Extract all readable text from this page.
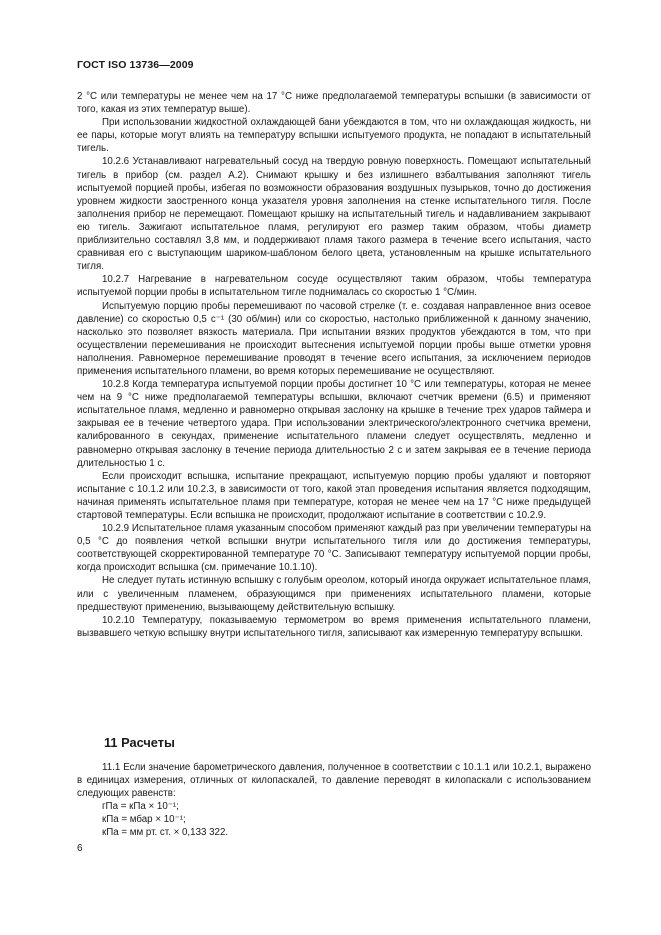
ГОСТ ISO 13736—2009

2 °С или температуры не менее чем на 17 °С ниже предполагаемой температуры вспышки (в зависимости от того, какая из этих температур выше).

При использовании жидкостной охлаждающей бани убеждаются в том, что ни охлаждающая жидкость, ни ее пары, которые могут влиять на температуру вспышки испытуемого продукта, не попадают в испытательный тигель.

10.2.6 Устанавливают нагревательный сосуд на твердую ровную поверхность. Помещают испытательный тигель в прибор (см. раздел А.2). Снимают крышку и без излишнего взбалтывания заполняют тигель испытуемой порцией пробы, избегая по возможности образования воздушных пузырьков, точно до достижения уровнем жидкости заостренного конца указателя уровня заполнения на стенке испытательного тигля. После заполнения прибор не перемещают. Помещают крышку на испытательный тигель и надавливанием закрывают ею тигель. Зажигают испытательное пламя, регулируют его размер таким образом, чтобы диаметр приблизительно составлял 3,8 мм, и поддерживают пламя такого размера в течение всего испытания, часто сравнивая его с выступающим шариком-шаблоном белого цвета, установленным на крышке испытательного тигля.

10.2.7 Нагревание в нагревательном сосуде осуществляют таким образом, чтобы температура испытуемой порции пробы в испытательном тигле поднималась со скоростью 1 °С/мин.

Испытуемую порцию пробы перемешивают по часовой стрелке (т. е. создавая направленное вниз осевое давление) со скоростью 0,5 с⁻¹ (30 об/мин) или со скоростью, настолько приближенной к данному значению, насколько это позволяет вязкость материала. При испытании вязких продуктов убеждаются в том, что при осуществлении перемешивания не происходит вытеснения испытуемой порции пробы выше отметки уровня наполнения. Равномерное перемешивание проводят в течение всего испытания, за исключением периодов применения испытательного пламени, во время которых перемешивание не осуществляют.

10.2.8 Когда температура испытуемой порции пробы достигнет 10 °С или температуры, которая не менее чем на 9 °С ниже предполагаемой температуры вспышки, включают счетчик времени (6.5) и применяют испытательное пламя, медленно и равномерно открывая заслонку на крышке в течение трех ударов таймера и закрывая ее в течение четвертого удара. При использовании электрического/электронного счетчика времени, калиброванного в секундах, применение испытательного пламени следует осуществлять, медленно и равномерно открывая заслонку в течение периода длительностью 2 с и затем закрывая ее в течение периода длительностью 1 с.

Если происходит вспышка, испытание прекращают, испытуемую порцию пробы удаляют и повторяют испытание с 10.1.2 или 10.2.3, в зависимости от того, какой этап проведения испытания является подходящим, начиная применять испытательное пламя при температуре, которая не менее чем на 17 °С ниже предыдущей стартовой температуры. Если вспышка не происходит, продолжают испытание в соответствии с 10.2.9.

10.2.9 Испытательное пламя указанным способом применяют каждый раз при увеличении температуры на 0,5 °С до появления четкой вспышки внутри испытательного тигля или до достижения температуры, соответствующей скорректированной температуре 70 °С. Записывают температуру испытуемой порции пробы, когда происходит вспышка (см. примечание 10.1.10).

Не следует путать истинную вспышку с голубым ореолом, который иногда окружает испытательное пламя, или с увеличенным пламенем, образующимся при применениях испытательного пламени, которые предшествуют применению, вызывающему действительную вспышку.

10.2.10 Температуру, показываемую термометром во время применения испытательного пламени, вызвавшего четкую вспышку внутри испытательного тигля, записывают как измеренную температуру вспышки.

11 Расчеты

11.1 Если значение барометрического давления, полученное в соответствии с 10.1.1 или 10.2.1, выражено в единицах измерения, отличных от килопаскалей, то давление переводят в килопаскали с использованием следующих равенств:

гПа = кПа × 10⁻¹;

кПа = мбар × 10⁻¹;

кПа = мм рт. ст. × 0,133 322.

6
